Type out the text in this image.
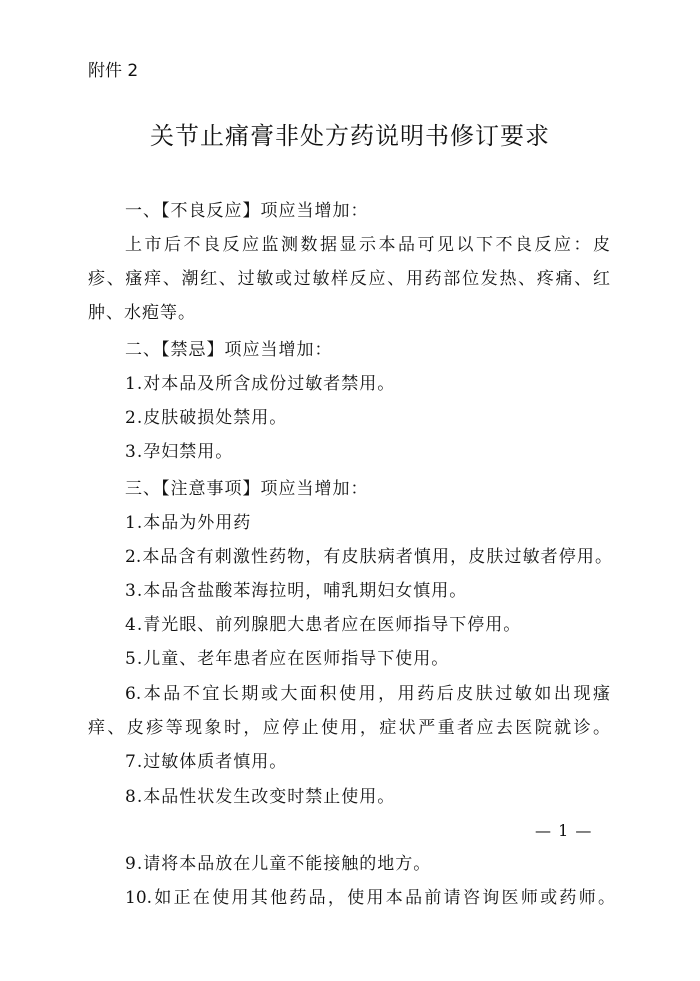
附件 2
关节止痛膏非处方药说明书修订要求
一、【不良反应】项应当增加：
上市后不良反应监测数据显示本品可见以下不良反应：皮
疹、瘙痒、潮红、过敏或过敏样反应、用药部位发热、疼痛、红
肿、水疱等。
二、【禁忌】项应当增加：
1.对本品及所含成份过敏者禁用。
2.皮肤破损处禁用。
3.孕妇禁用。
三、【注意事项】项应当增加：
1.本品为外用药
2.本品含有刺激性药物，有皮肤病者慎用，皮肤过敏者停用。
3.本品含盐酸苯海拉明，哺乳期妇女慎用。
4.青光眼、前列腺肥大患者应在医师指导下停用。
5.儿童、老年患者应在医师指导下使用。
6.本品不宜长期或大面积使用，用药后皮肤过敏如出现瘙
痒、皮疹等现象时，应停止使用，症状严重者应去医院就诊。
7.过敏体质者慎用。
8.本品性状发生改变时禁止使用。
— 1 —
9.请将本品放在儿童不能接触的地方。
10.如正在使用其他药品，使用本品前请咨询医师或药师。
